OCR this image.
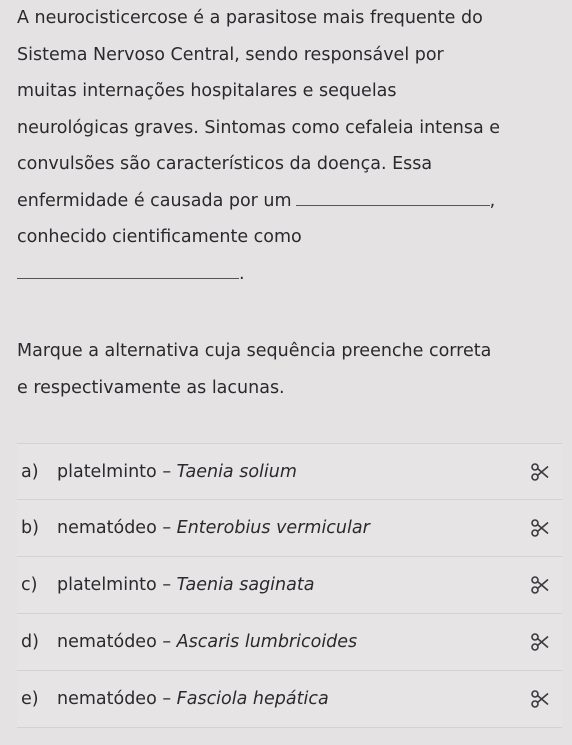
A neurocisticercose é a parasitose mais frequente do

Sistema Nervoso Central, sendo responsável por

muitas internações hospitalares e sequelas

neurológicas graves. Sintomas como cefaleia intensa e

convulsões são característicos da doença. Essa

enfermidade é causada por um	,

conhecido cientificamente como

.

Marque a alternativa cuja sequência preenche correta
e respectivamente as lacunas.
a)	platelminto – Taenia solium
b)	nematódeo – Enterobius vermicular
c)	platelminto – Taenia saginata
d)	nematódeo – Ascaris lumbricoides
e)	nematódeo – Fasciola hepática
